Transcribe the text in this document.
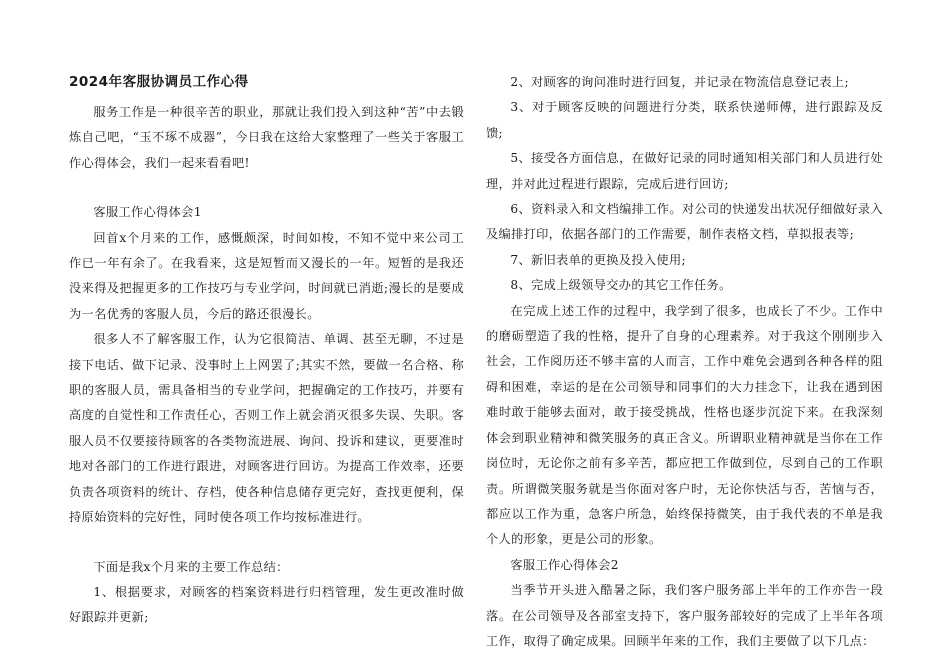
2024年客服协调员工作心得

服务工作是一种很辛苦的职业，那就让我们投入到这种“苦”中去锻炼自己吧，“玉不琢不成器”，今日我在这给大家整理了一些关于客服工作心得体会，我们一起来看看吧!

客服工作心得体会1

回首x个月来的工作，感慨颇深，时间如梭，不知不觉中来公司工作已一年有余了。在我看来，这是短暂而又漫长的一年。短暂的是我还没来得及把握更多的工作技巧与专业学问，时间就已消逝;漫长的是要成为一名优秀的客服人员，今后的路还很漫长。

很多人不了解客服工作，认为它很简洁、单调、甚至无聊，不过是接下电话、做下记录、没事时上上网罢了;其实不然，要做一名合格、称职的客服人员，需具备相当的专业学问，把握确定的工作技巧，并要有高度的自觉性和工作责任心，否则工作上就会消灭很多失误、失职。客服人员不仅要接待顾客的各类物流进展、询问、投诉和建议，更要准时地对各部门的工作进行跟进，对顾客进行回访。为提高工作效率，还要负责各项资料的统计、存档，使各种信息储存更完好，查找更便利，保持原始资料的完好性，同时使各项工作均按标准进行。

下面是我x个月来的主要工作总结：

1、根据要求，对顾客的档案资料进行归档管理，发生更改准时做好跟踪并更新;

2、对顾客的询问准时进行回复，并记录在物流信息登记表上;

3、对于顾客反映的问题进行分类，联系快递师傅，进行跟踪及反馈;

5、接受各方面信息，在做好记录的同时通知相关部门和人员进行处理，并对此过程进行跟踪，完成后进行回访;

6、资料录入和文档编排工作。对公司的快递发出状况仔细做好录入及编排打印，依据各部门的工作需要，制作表格文档，草拟报表等;

7、新旧表单的更换及投入使用;

8、完成上级领导交办的其它工作任务。

在完成上述工作的过程中，我学到了很多，也成长了不少。工作中的磨砺塑造了我的性格，提升了自身的心理素养。对于我这个刚刚步入社会，工作阅历还不够丰富的人而言，工作中难免会遇到各种各样的阻碍和困难，幸运的是在公司领导和同事们的大力挂念下，让我在遇到困难时敢于能够去面对，敢于接受挑战，性格也逐步沉淀下来。在我深刻体会到职业精神和微笑服务的真正含义。所谓职业精神就是当你在工作岗位时，无论你之前有多辛苦，都应把工作做到位，尽到自己的工作职责。所谓微笑服务就是当你面对客户时，无论你快活与否，苦恼与否，都应以工作为重，急客户所急，始终保持微笑，由于我代表的不单是我个人的形象，更是公司的形象。

客服工作心得体会2

当季节开头进入酷暑之际，我们客户服务部上半年的工作亦告一段落。在公司领导及各部室支持下，客户服务部较好的完成了上半年各项工作，取得了确定成果。回顾半年来的工作，我们主要做了以下几点：
